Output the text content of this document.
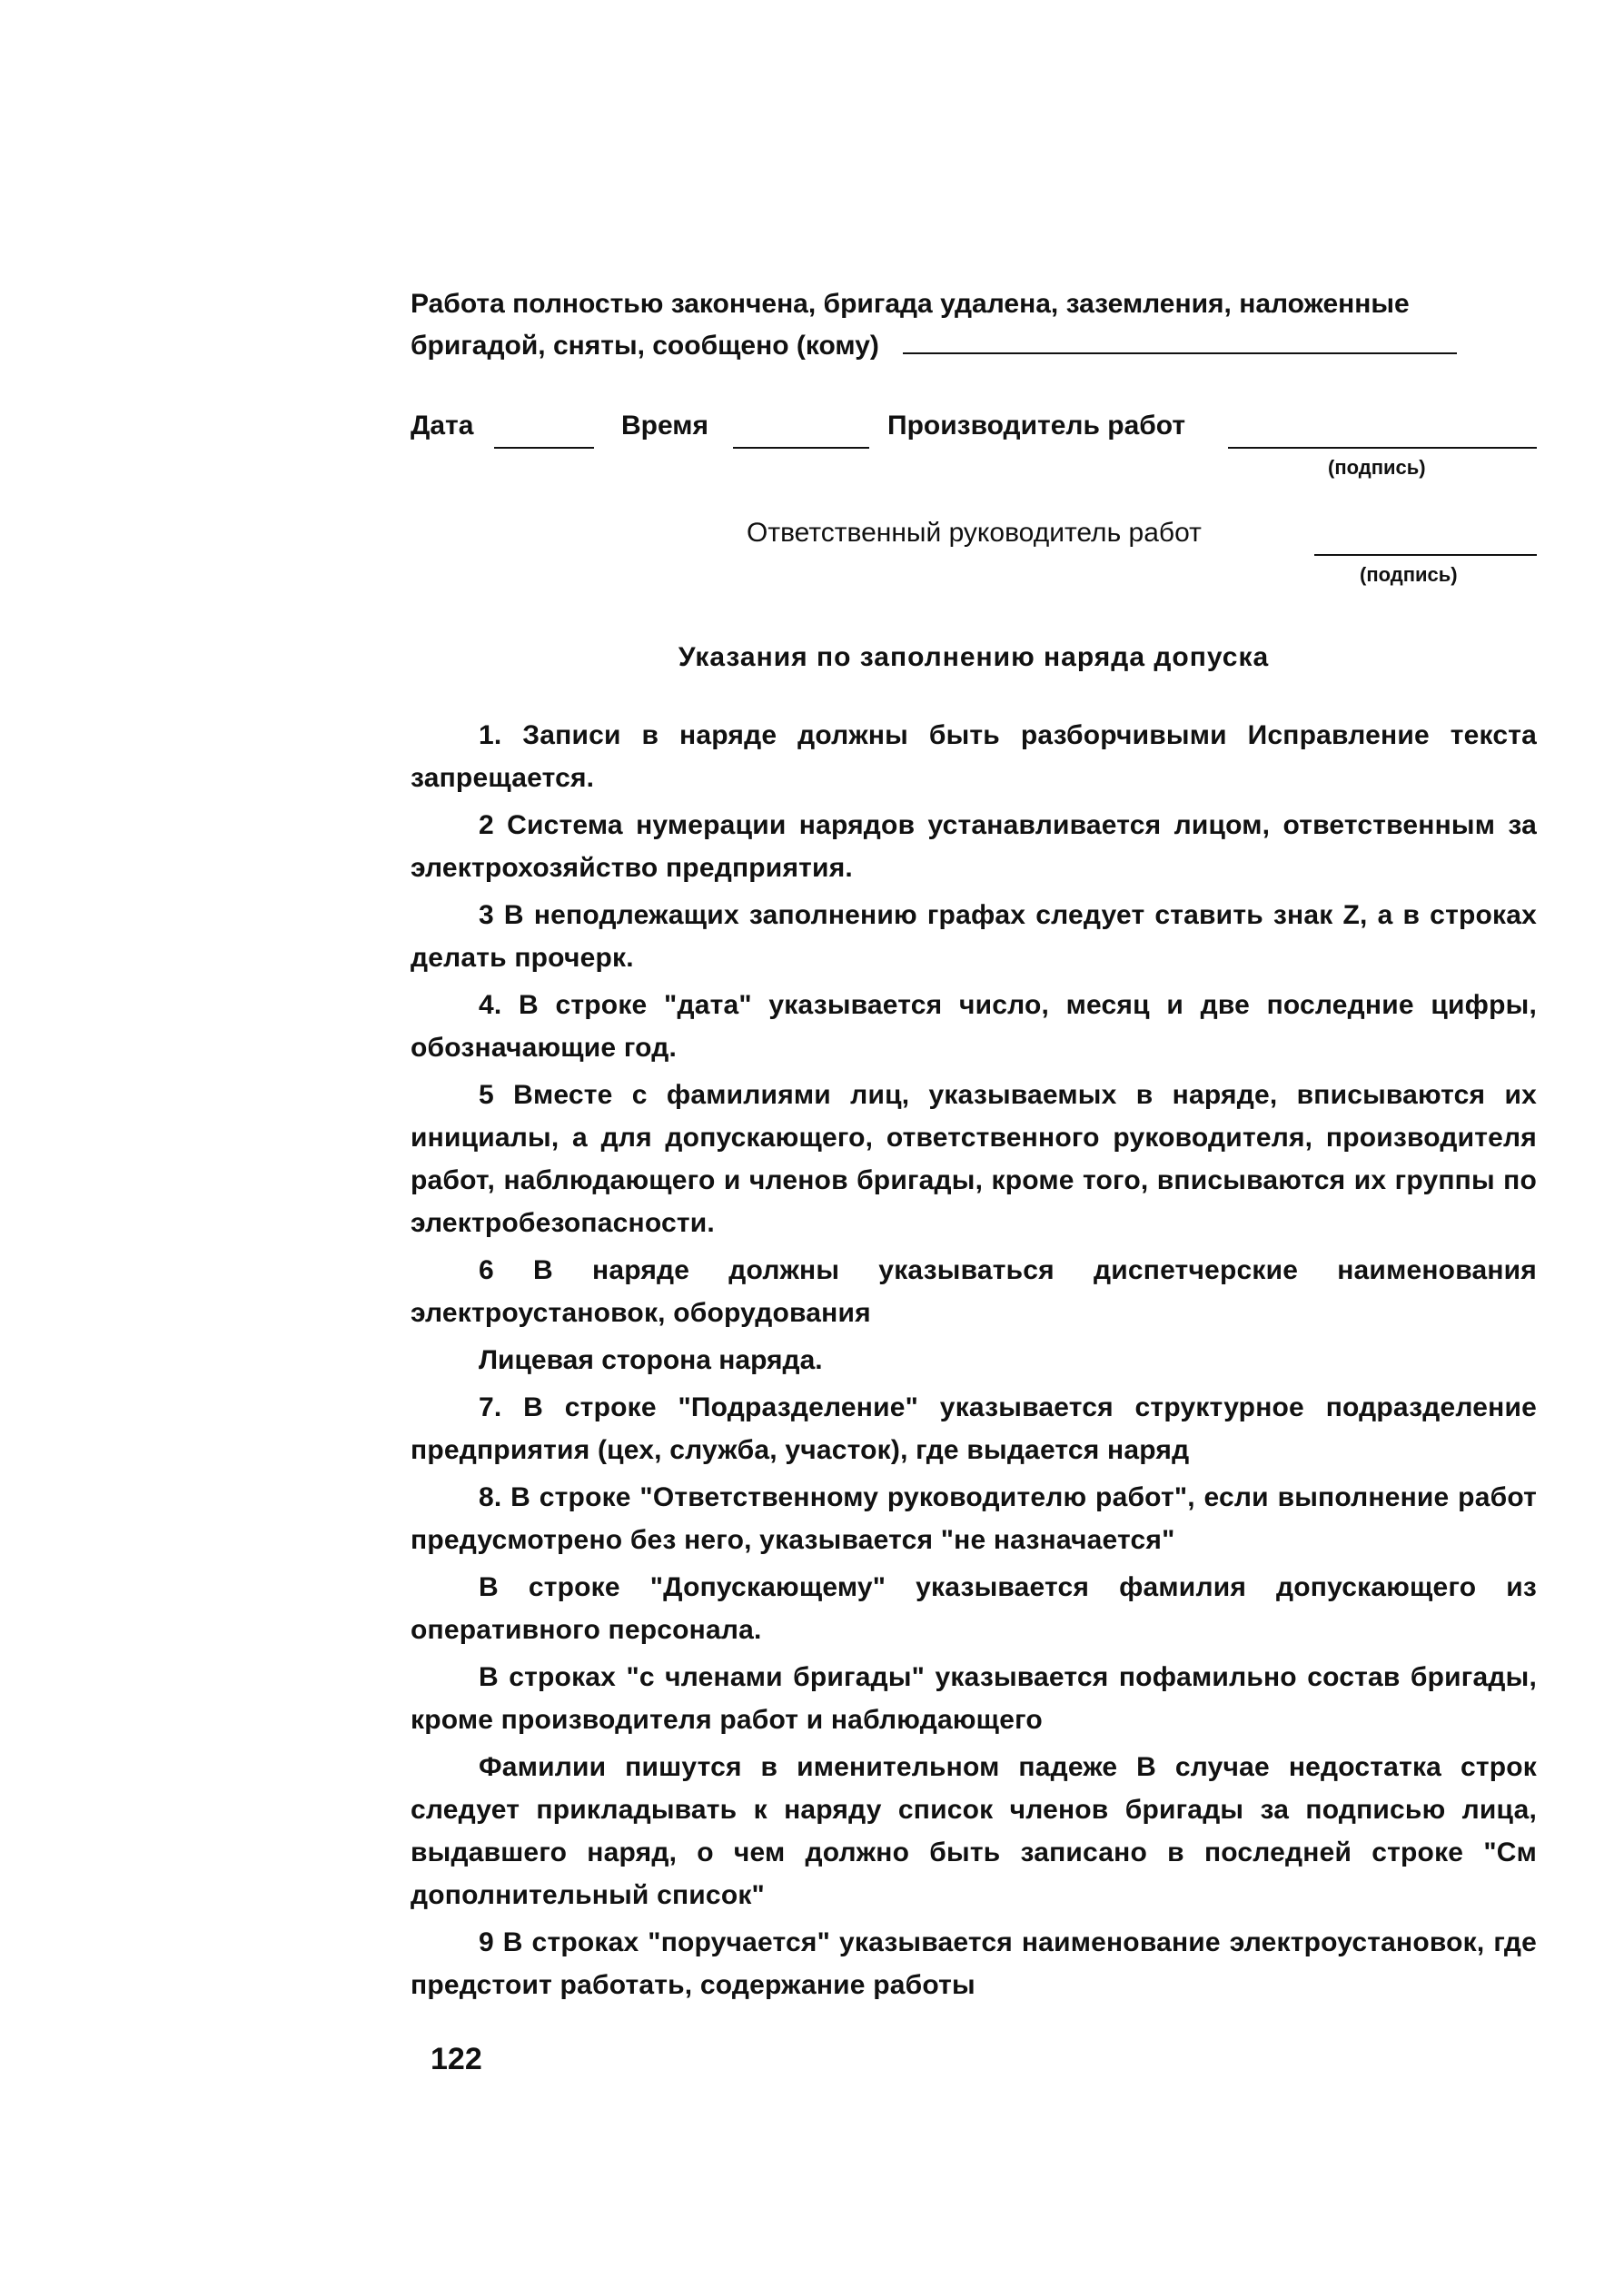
Работа полностью закончена, бригада удалена, заземления, наложенные
бригадой, сняты, сообщено (кому)
Дата	Время	Производитель работ
(подпись)
Ответственный руководитель работ
(подпись)
Указания по заполнению наряда допуска

1. Записи в наряде должны быть разборчивыми Исправление текста запрещается.

2 Система нумерации нарядов устанавливается лицом, ответственным за электрохозяйство предприятия.

3 В неподлежащих заполнению графах следует ставить знак Z, а в строках делать прочерк.

4. В строке "дата" указывается число, месяц и две последние цифры, обозначающие год.

5 Вместе с фамилиями лиц, указываемых в наряде, вписываются их инициалы, а для допускающего, ответственного руководителя, производителя работ, наблюдающего и членов бригады, кроме того, вписываются их группы по электробезопасности.

6 В наряде должны указываться диспетчерские наименования электроустановок, оборудования

Лицевая сторона наряда.

7. В строке "Подразделение" указывается структурное подразделение предприятия (цех, служба, участок), где выдается наряд

8. В строке "Ответственному руководителю работ", если выполнение работ предусмотрено без него, указывается "не назначается"

В строке "Допускающему" указывается фамилия допускающего из оперативного персонала.

В строках "с членами бригады" указывается пофамильно состав бригады, кроме производителя работ и наблюдающего

Фамилии пишутся в именительном падеже В случае недостатка строк следует прикладывать к наряду список членов бригады за подписью лица, выдавшего наряд, о чем должно быть записано в последней строке "См дополнительный список"

9 В строках "поручается" указывается наименование электроустановок, где предстоит работать, содержание работы

122
